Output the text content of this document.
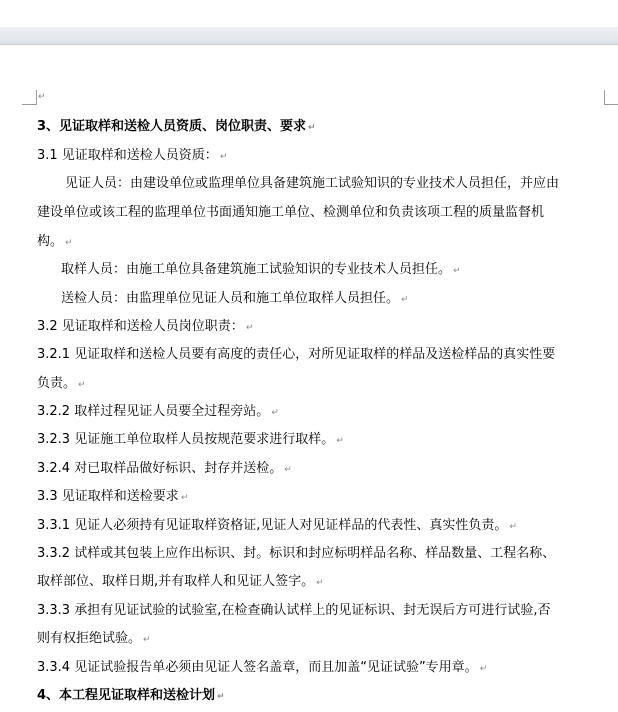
↵
3、见证取样和送检人员资质、岗位职责、要求 ↵
3.1 见证取样和送检人员资质： ↵
见证人员：由建设单位或监理单位具备建筑施工试验知识的专业技术人员担任，并应由
建设单位或该工程的监理单位书面通知施工单位、检测单位和负责该项工程的质量监督机
构。 ↵
取样人员：由施工单位具备建筑施工试验知识的专业技术人员担任。 ↵
送检人员：由监理单位见证人员和施工单位取样人员担任。 ↵
3.2 见证取样和送检人员岗位职责： ↵
3.2.1 见证取样和送检人员要有高度的责任心，对所见证取样的样品及送检样品的真实性要
负责。 ↵
3.2.2 取样过程见证人员要全过程旁站。 ↵
3.2.3 见证施工单位取样人员按规范要求进行取样。 ↵
3.2.4 对已取样品做好标识、封存并送检。 ↵
3.3 见证取样和送检要求 ↵
3.3.1 见证人必须持有见证取样资格证,见证人对见证样品的代表性、真实性负责。 ↵
3.3.2 试样或其包装上应作出标识、封。标识和封应标明样品名称、样品数量、工程名称、
取样部位、取样日期,并有取样人和见证人签字。 ↵
3.3.3 承担有见证试验的试验室,在检查确认试样上的见证标识、封无误后方可进行试验,否
则有权拒绝试验。 ↵
3.3.4 见证试验报告单必须由见证人签名盖章，而且加盖“见证试验”专用章。 ↵
4、本工程见证取样和送检计划 ↵
